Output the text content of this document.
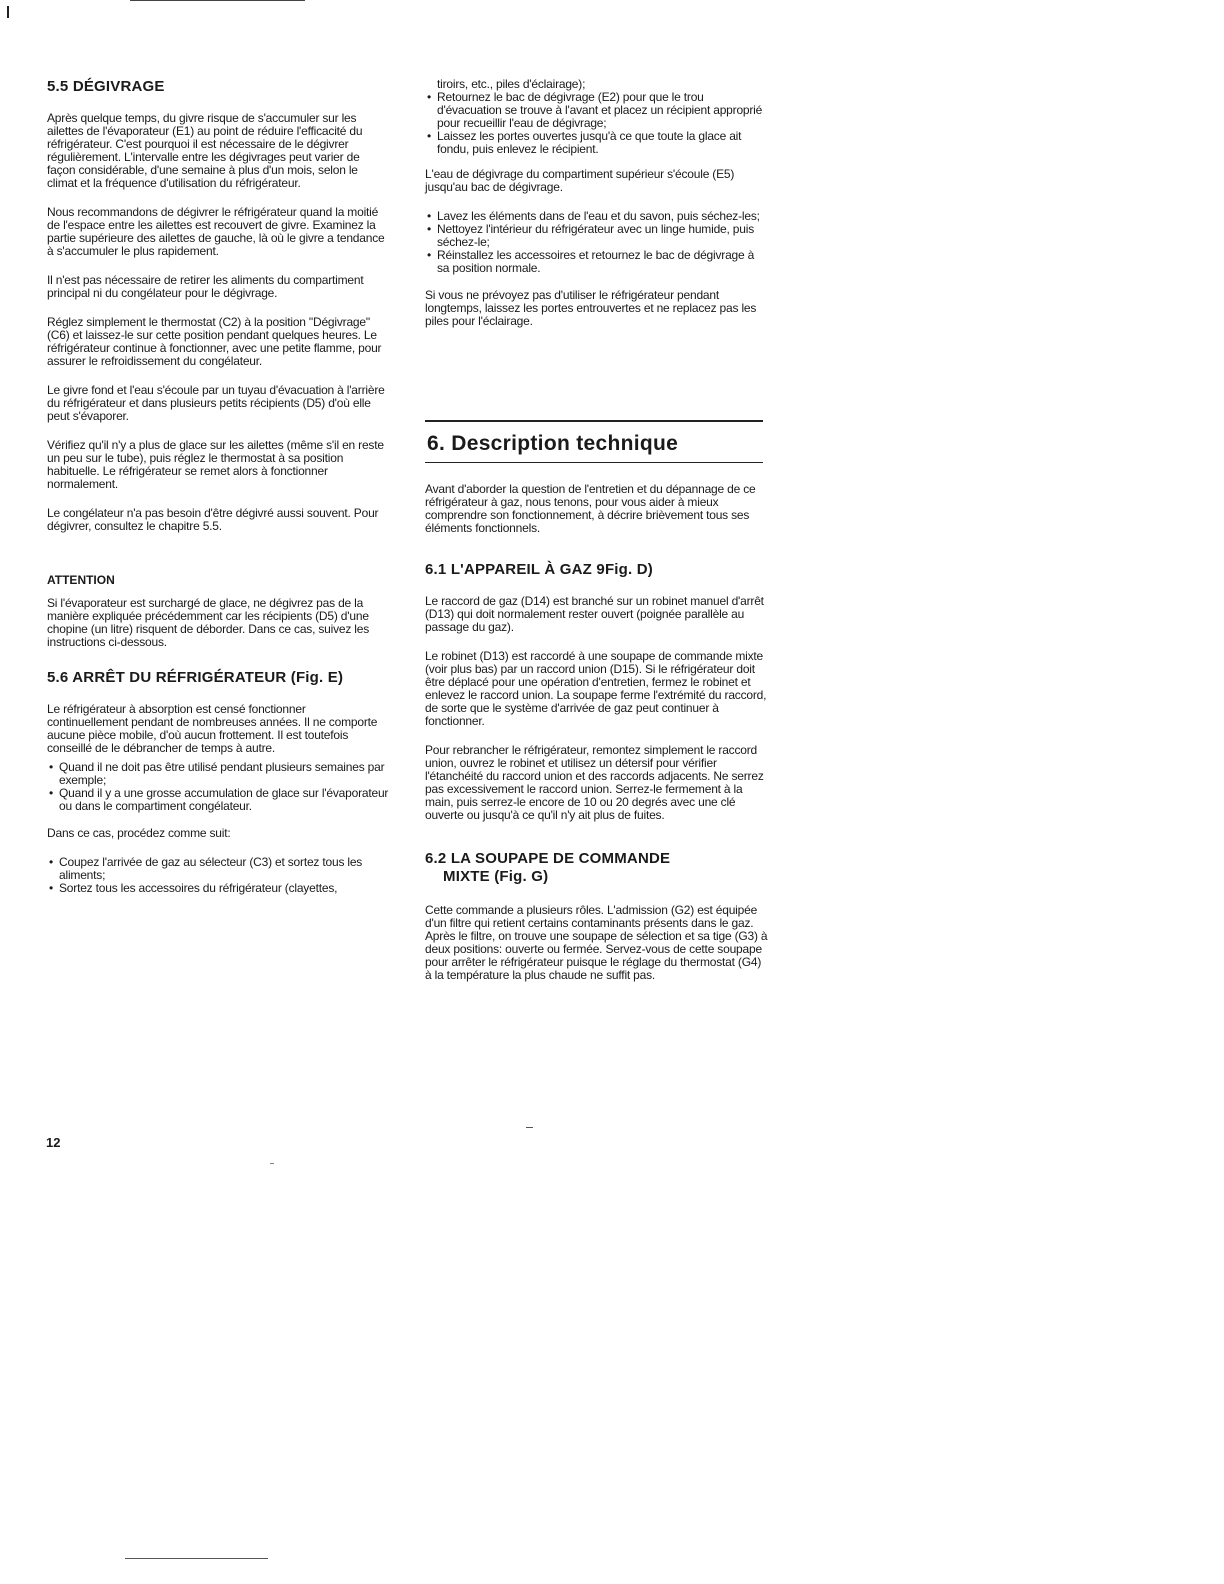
5.5 DÉGIVRAGE

Après quelque temps, du givre risque de s'accumuler sur les ailettes de l'évaporateur (E1) au point de réduire l'efficacité du réfrigérateur. C'est pourquoi il est nécessaire de le dégivrer régulièrement. L'intervalle entre les dégivrages peut varier de façon considérable, d'une semaine à plus d'un mois, selon le climat et la fréquence d'utilisation du réfrigérateur.

Nous recommandons de dégivrer le réfrigérateur quand la moitié de l'espace entre les ailettes est recouvert de givre. Examinez la partie supérieure des ailettes de gauche, là où le givre a tendance à s'accumuler le plus rapidement.

Il n'est pas nécessaire de retirer les aliments du compartiment principal ni du congélateur pour le dégivrage.

Réglez simplement le thermostat (C2) à la position "Dégivrage" (C6) et laissez-le sur cette position pendant quelques heures. Le réfrigérateur continue à fonctionner, avec une petite flamme, pour assurer le refroidissement du congélateur.

Le givre fond et l'eau s'écoule par un tuyau d'évacuation à l'arrière du réfrigérateur et dans plusieurs petits récipients (D5) d'où elle peut s'évaporer.

Vérifiez qu'il n'y a plus de glace sur les ailettes (même s'il en reste un peu sur le tube), puis réglez le thermostat à sa position habituelle. Le réfrigérateur se remet alors à fonctionner normalement.

Le congélateur n'a pas besoin d'être dégivré aussi souvent. Pour dégivrer, consultez le chapitre 5.5.

ATTENTION

Si l'évaporateur est surchargé de glace, ne dégivrez pas de la manière expliquée précédemment car les récipients (D5) d'une chopine (un litre) risquent de déborder. Dans ce cas, suivez les instructions ci-dessous.

5.6 ARRÊT DU RÉFRIGÉRATEUR (Fig. E)

Le réfrigérateur à absorption est censé fonctionner continuellement pendant de nombreuses années. Il ne comporte aucune pièce mobile, d'où aucun frottement. Il est toutefois conseillé de le débrancher de temps à autre.

• Quand il ne doit pas être utilisé pendant plusieurs semaines par exemple;
• Quand il y a une grosse accumulation de glace sur l'évaporateur ou dans le compartiment congélateur.

Dans ce cas, procédez comme suit:

• Coupez l'arrivée de gaz au sélecteur (C3) et sortez tous les aliments;
• Sortez tous les accessoires du réfrigérateur (clayettes,
tiroirs, etc., piles d'éclairage);
• Retournez le bac de dégivrage (E2) pour que le trou d'évacuation se trouve à l'avant et placez un récipient approprié pour recueillir l'eau de dégivrage;
• Laissez les portes ouvertes jusqu'à ce que toute la glace ait fondu, puis enlevez le récipient.

L'eau de dégivrage du compartiment supérieur s'écoule (E5) jusqu'au bac de dégivrage.

• Lavez les éléments dans de l'eau et du savon, puis séchez-les;
• Nettoyez l'intérieur du réfrigérateur avec un linge humide, puis séchez-le;
• Réinstallez les accessoires et retournez le bac de dégivrage à sa position normale.

Si vous ne prévoyez pas d'utiliser le réfrigérateur pendant longtemps, laissez les portes entrouvertes et ne replacez pas les piles pour l'éclairage.

6. Description technique

Avant d'aborder la question de l'entretien et du dépannage de ce réfrigérateur à gaz, nous tenons, pour vous aider à mieux comprendre son fonctionnement, à décrire brièvement tous ses éléments fonctionnels.

6.1 L'APPAREIL À GAZ 9Fig. D)

Le raccord de gaz (D14) est branché sur un robinet manuel d'arrêt (D13) qui doit normalement rester ouvert (poignée parallèle au passage du gaz).

Le robinet (D13) est raccordé à une soupape de commande mixte (voir plus bas) par un raccord union (D15). Si le réfrigérateur doit être déplacé pour une opération d'entretien, fermez le robinet et enlevez le raccord union. La soupape ferme l'extrémité du raccord, de sorte que le système d'arrivée de gaz peut continuer à fonctionner.

Pour rebrancher le réfrigérateur, remontez simplement le raccord union, ouvrez le robinet et utilisez un détersif pour vérifier l'étanchéité du raccord union et des raccords adjacents. Ne serrez pas excessivement le raccord union. Serrez-le fermement à la main, puis serrez-le encore de 10 ou 20 degrés avec une clé ouverte ou jusqu'à ce qu'il n'y ait plus de fuites.

6.2 LA SOUPAPE DE COMMANDE
MIXTE (Fig. G)

Cette commande a plusieurs rôles. L'admission (G2) est équipée d'un filtre qui retient certains contaminants présents dans le gaz. Après le filtre, on trouve une soupape de sélection et sa tige (G3) à deux positions: ouverte ou fermée. Servez-vous de cette soupape pour arrêter le réfrigérateur puisque le réglage du thermostat (G4) à la température la plus chaude ne suffit pas.

12
